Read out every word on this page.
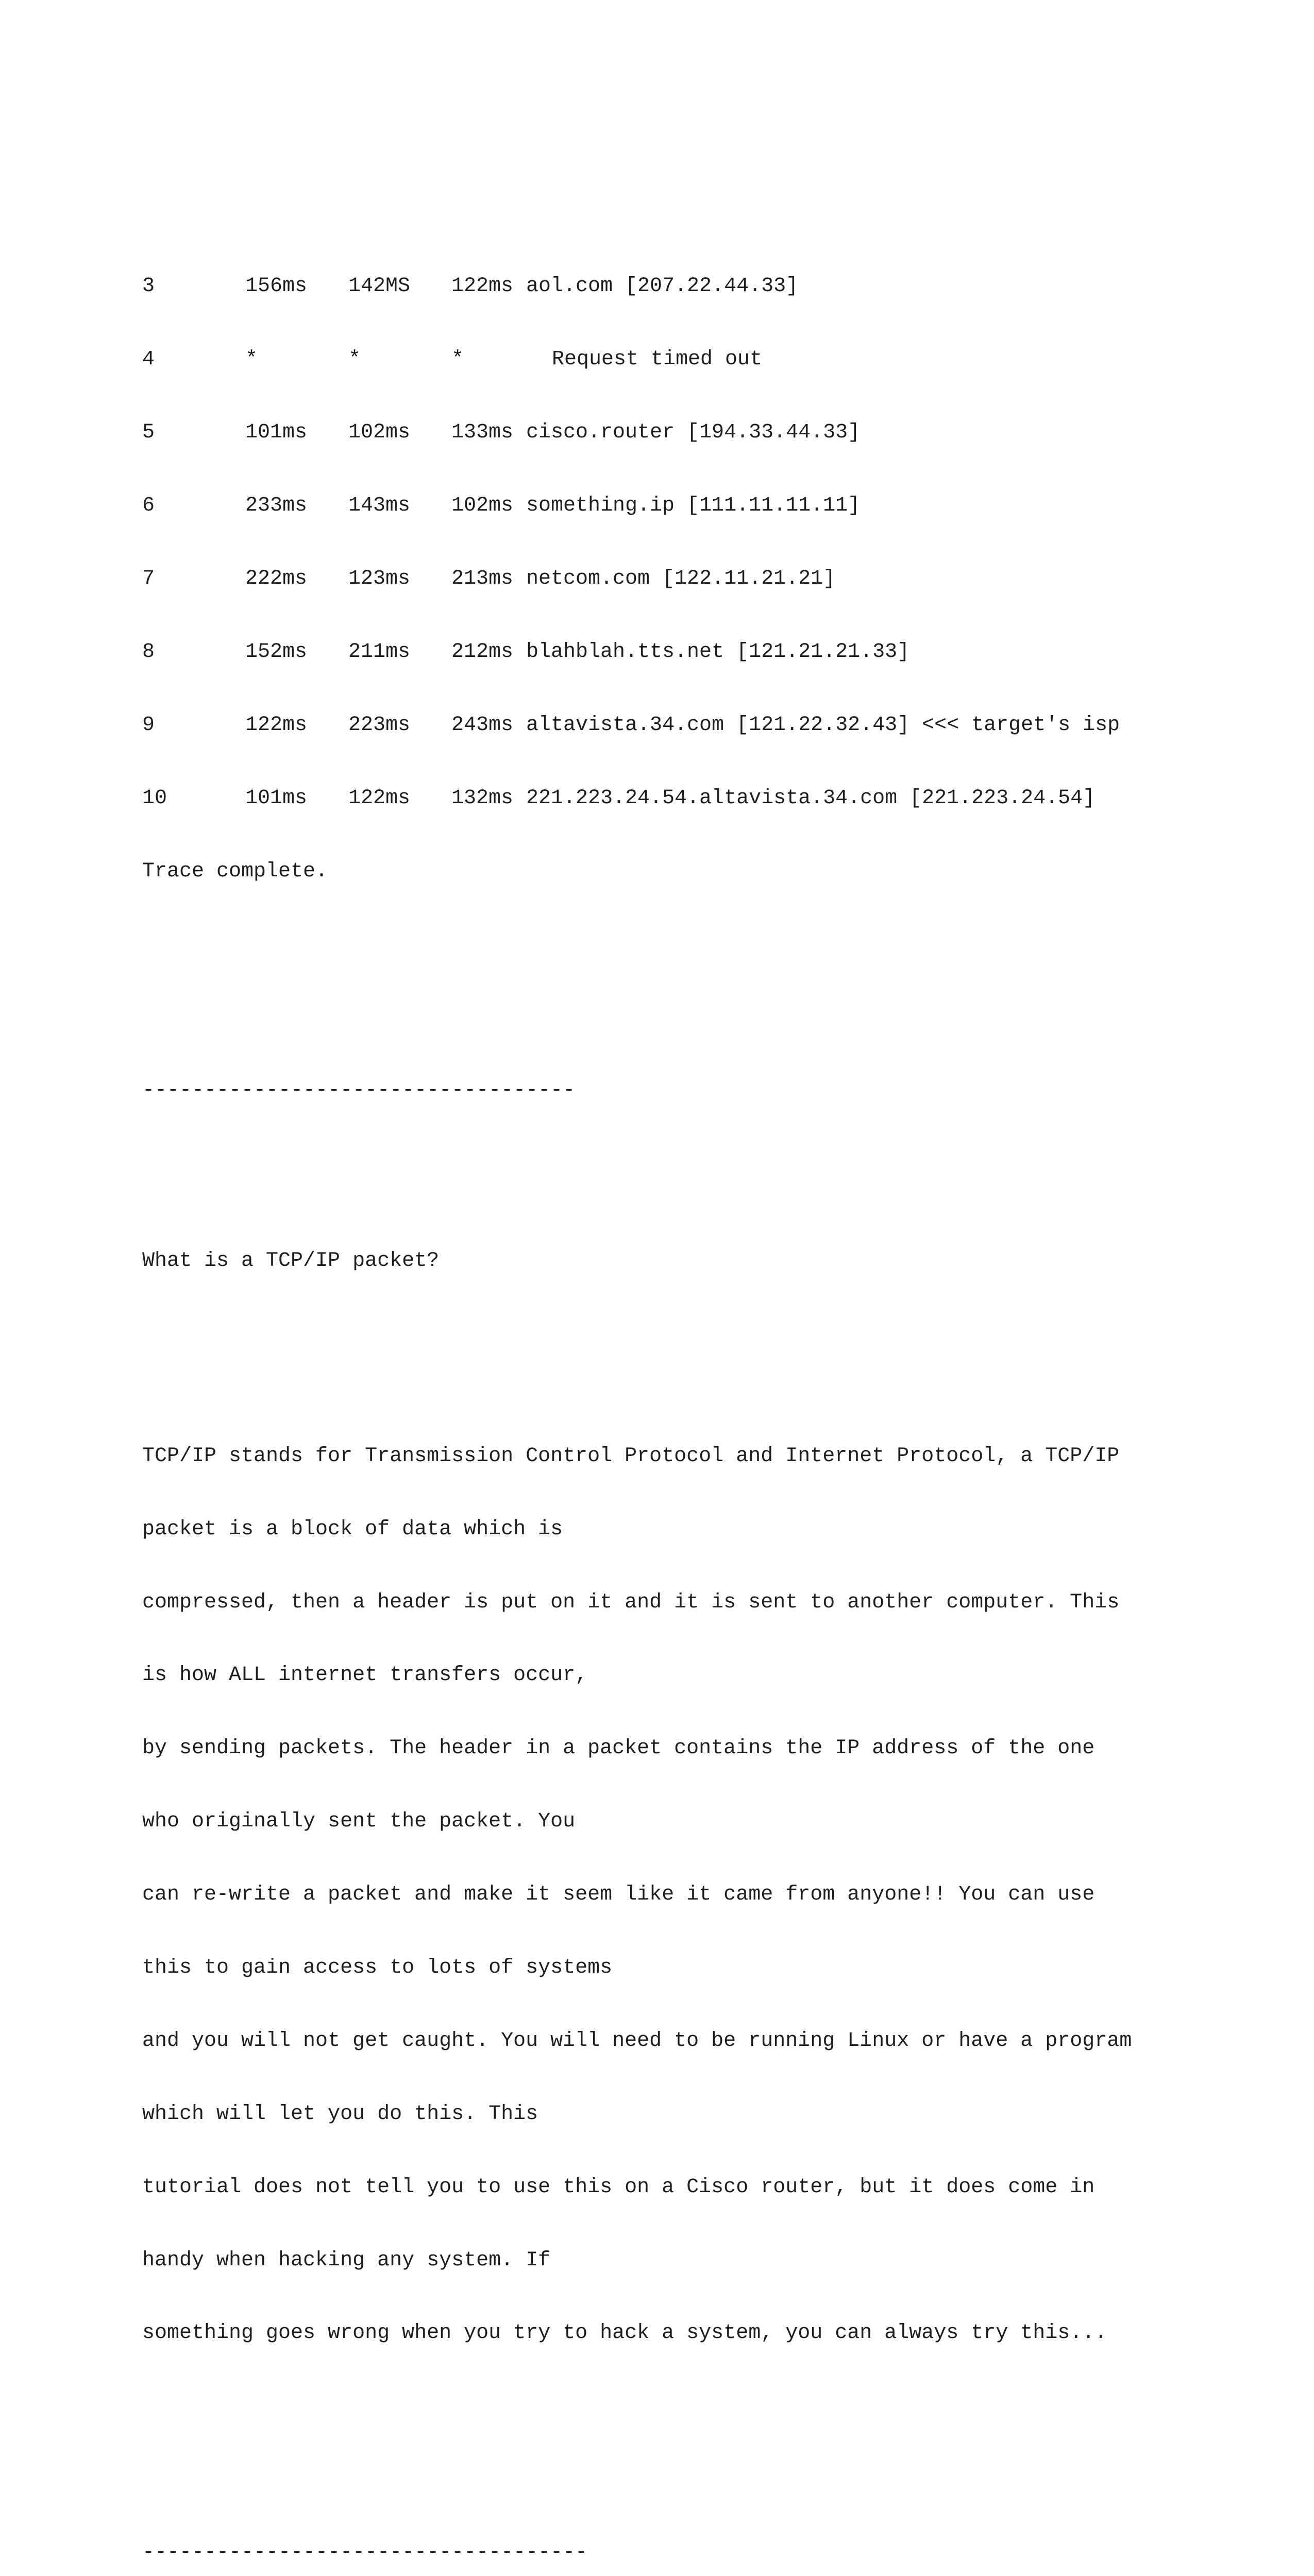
3	156ms	142MS	122ms aol.com [207.22.44.33]

4	*	*	*	Request timed out

5	101ms	102ms	133ms cisco.router [194.33.44.33]

6	233ms	143ms	102ms something.ip [111.11.11.11]

7	222ms	123ms	213ms netcom.com [122.11.21.21]

8	152ms	211ms	212ms blahblah.tts.net [121.21.21.33]

9	122ms	223ms	243ms altavista.34.com [121.22.32.43] <<< target's isp

10	101ms	122ms	132ms 221.223.24.54.altavista.34.com [221.223.24.54]

Trace complete.

-----------------------------------

What is a TCP/IP packet?

TCP/IP stands for Transmission Control Protocol and Internet Protocol, a TCP/IP

packet is a block of data which is

compressed, then a header is put on it and it is sent to another computer. This

is how ALL internet transfers occur,

by sending packets. The header in a packet contains the IP address of the one

who originally sent the packet. You

can re-write a packet and make it seem like it came from anyone!! You can use

this to gain access to lots of systems

and you will not get caught. You will need to be running Linux or have a program

which will let you do this. This

tutorial does not tell you to use this on a Cisco router, but it does come in

handy when hacking any system. If

something goes wrong when you try to hack a system, you can always try this...

------------------------------------
